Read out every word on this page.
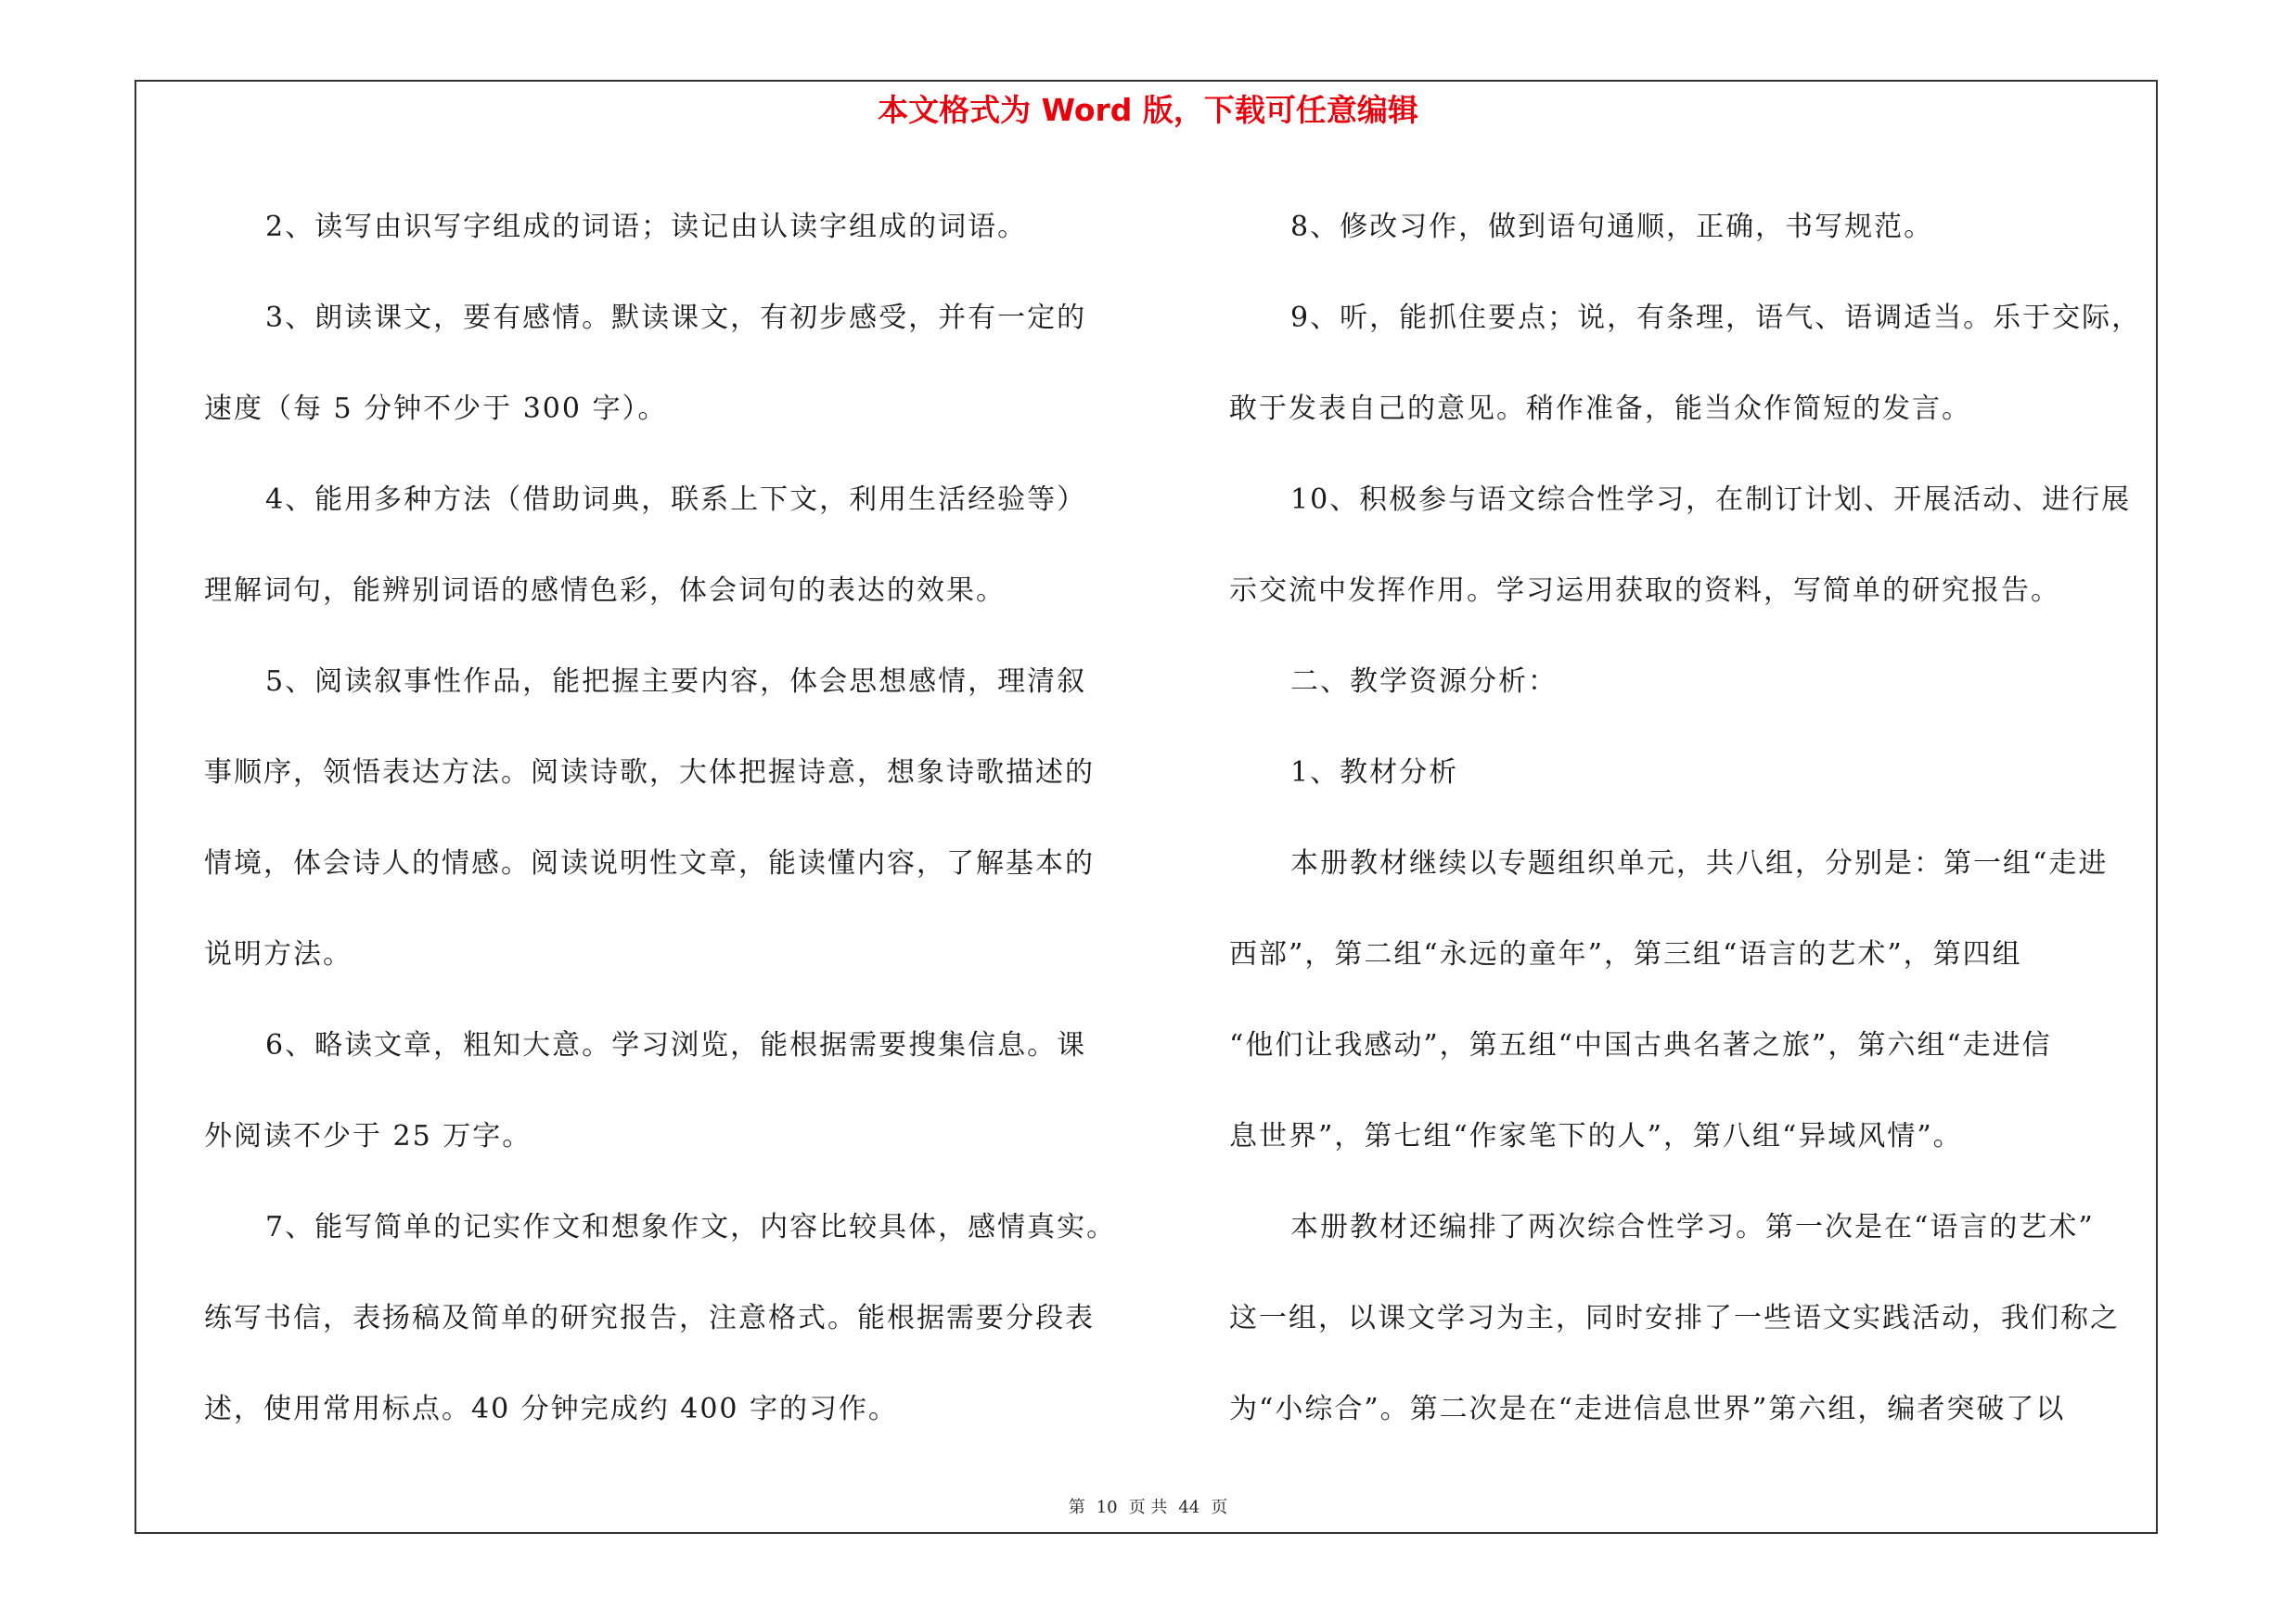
本文格式为 Word 版，下载可任意编辑
2、读写由识写字组成的词语；读记由认读字组成的词语。
3、朗读课文，要有感情。默读课文，有初步感受，并有一定的
速度（每 5 分钟不少于 300 字）。
4、能用多种方法（借助词典，联系上下文，利用生活经验等）
理解词句，能辨别词语的感情色彩，体会词句的表达的效果。
5、阅读叙事性作品，能把握主要内容，体会思想感情，理清叙
事顺序，领悟表达方法。阅读诗歌，大体把握诗意，想象诗歌描述的
情境，体会诗人的情感。阅读说明性文章，能读懂内容，了解基本的
说明方法。
6、略读文章，粗知大意。学习浏览，能根据需要搜集信息。课
外阅读不少于 25 万字。
7、能写简单的记实作文和想象作文，内容比较具体，感情真实。
练写书信，表扬稿及简单的研究报告，注意格式。能根据需要分段表
述，使用常用标点。40 分钟完成约 400 字的习作。
8、修改习作，做到语句通顺，正确，书写规范。
9、听，能抓住要点；说，有条理，语气、语调适当。乐于交际，
敢于发表自己的意见。稍作准备，能当众作简短的发言。
10、积极参与语文综合性学习，在制订计划、开展活动、进行展
示交流中发挥作用。学习运用获取的资料，写简单的研究报告。
二、教学资源分析：
1、教材分析
本册教材继续以专题组织单元，共八组，分别是：第一组“走进
西部”，第二组“永远的童年”，第三组“语言的艺术”，第四组
“他们让我感动”，第五组“中国古典名著之旅”，第六组“走进信
息世界”，第七组“作家笔下的人”，第八组“异域风情”。
本册教材还编排了两次综合性学习。第一次是在“语言的艺术”
这一组，以课文学习为主，同时安排了一些语文实践活动，我们称之
为“小综合”。第二次是在“走进信息世界”第六组，编者突破了以
第 10 页 共 44 页
